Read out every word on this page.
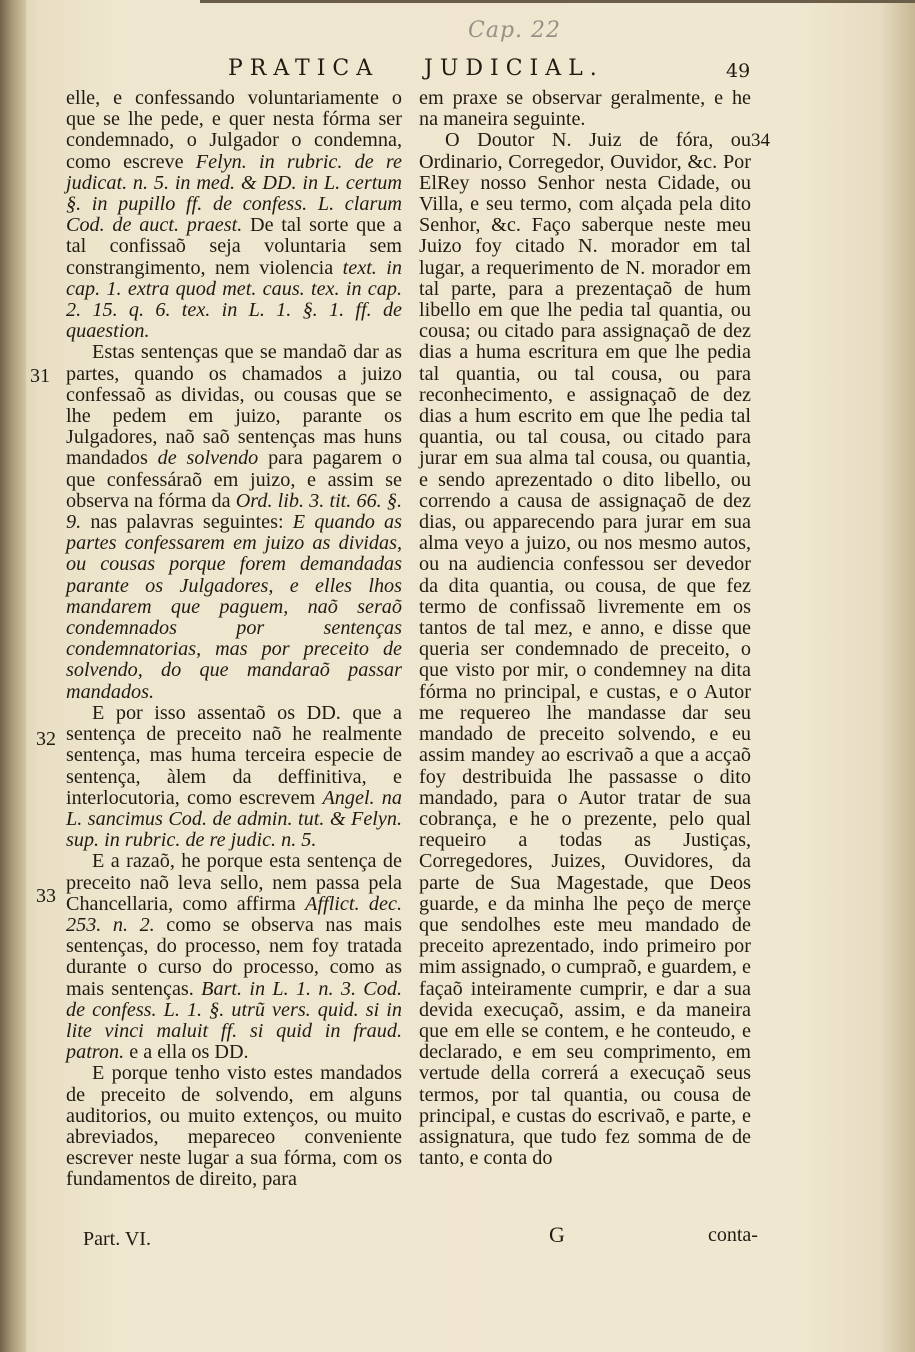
Cap. 22
PRATICA JUDICIAL.	49
31
32
33
34

elle, e confessando voluntariamente o que se lhe pede, e quer nesta fórma ser condemnado, o Julgador o condemna, como escreve Felyn. in rubric. de re judicat. n. 5. in med. & DD. in L. certum §. in pupillo ff. de confess. L. clarum Cod. de auct. praest. De tal sorte que a tal confissaõ seja voluntaria sem constrangimento, nem violencia text. in cap. 1. extra quod met. caus. tex. in cap. 2. 15. q. 6. tex. in L. 1. §. 1. ff. de quaestion.

Estas sentenças que se mandaõ dar as partes, quando os chamados a juizo confessaõ as dividas, ou cousas que se lhe pedem em juizo, parante os Julgadores, naõ saõ sentenças mas huns mandados de solvendo para pagarem o que confessáraõ em juizo, e assim se observa na fórma da Ord. lib. 3. tit. 66. §. 9. nas palavras seguintes: E quando as partes confessarem em juizo as dividas, ou cousas porque forem demandadas parante os Julgadores, e elles lhos mandarem que paguem, naõ seraõ condemnados por sentenças condemnatorias, mas por preceito de solvendo, do que mandaraõ passar mandados.

E por isso assentaõ os DD. que a sentença de preceito naõ he realmente sentença, mas huma terceira especie de sentença, àlem da deffinitiva, e interlocutoria, como escrevem Angel. na L. sancimus Cod. de admin. tut. & Felyn. sup. in rubric. de re judic. n. 5.

E a razaõ, he porque esta sentença de preceito naõ leva sello, nem passa pela Chancellaria, como affirma Afflict. dec. 253. n. 2. como se observa nas mais sentenças, do processo, nem foy tratada durante o curso do processo, como as mais sentenças. Bart. in L. 1. n. 3. Cod. de confess. L. 1. §. utrũ vers. quid. si in lite vinci maluit ff. si quid in fraud. patron. e a ella os DD.

E porque tenho visto estes mandados de preceito de solvendo, em alguns auditorios, ou muito extenços, ou muito abreviados, mepareceo conveniente escrever neste lugar a sua fórma, com os fundamentos de direito, para

em praxe se observar geralmente, e he na maneira seguinte.

O Doutor N. Juiz de fóra, ou Ordinario, Corregedor, Ouvidor, &c. Por ElRey nosso Senhor nesta Cidade, ou Villa, e seu termo, com alçada pela dito Senhor, &c. Faço saberque neste meu Juizo foy citado N. morador em tal lugar, a requerimento de N. morador em tal parte, para a prezentaçaõ de hum libello em que lhe pedia tal quantia, ou cousa; ou citado para assignaçaõ de dez dias a huma escritura em que lhe pedia tal quantia, ou tal cousa, ou para reconhecimento, e assignaçaõ de dez dias a hum escrito em que lhe pedia tal quantia, ou tal cousa, ou citado para jurar em sua alma tal cousa, ou quantia, e sendo aprezentado o dito libello, ou correndo a causa de assignaçaõ de dez dias, ou apparecendo para jurar em sua alma veyo a juizo, ou nos mesmo autos, ou na audiencia confessou ser devedor da dita quantia, ou cousa, de que fez termo de confissaõ livremente em os tantos de tal mez, e anno, e disse que queria ser condemnado de preceito, o que visto por mir, o condemney na dita fórma no principal, e custas, e o Autor me requereo lhe mandasse dar seu mandado de preceito solvendo, e eu assim mandey ao escrivaõ a que a acçaõ foy destribuida lhe passasse o dito mandado, para o Autor tratar de sua cobrança, e he o prezente, pelo qual requeiro a todas as Justiças, Corregedores, Juizes, Ouvidores, da parte de Sua Magestade, que Deos guarde, e da minha lhe peço de merçe que sendolhes este meu mandado de preceito aprezentado, indo primeiro por mim assignado, o cumpraõ, e guardem, e façaõ inteiramente cumprir, e dar a sua devida execuçaõ, assim, e da maneira que em elle se contem, e he conteudo, e declarado, e em seu comprimento, em vertude della correrá a execuçaõ seus termos, por tal quantia, ou cousa de principal, e custas do escrivaõ, e parte, e assignatura, que tudo fez somma de de tanto, e conta do

Part. VI.	G	conta-
